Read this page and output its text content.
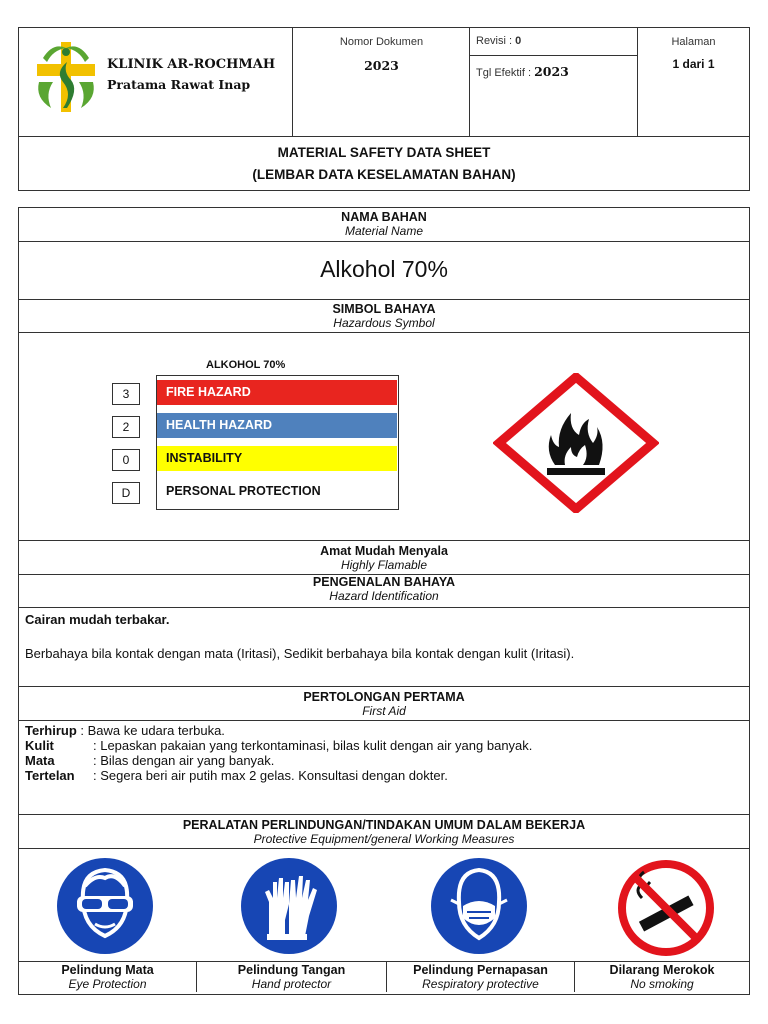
KLINIK AR-ROCHMAH
Pratama Rawat Inap
Nomor Dokumen
2023
Revisi : 0
Tgl Efektif : 2023
Halaman
1 dari 1
MATERIAL SAFETY DATA SHEET
(LEMBAR DATA KESELAMATAN BAHAN)
NAMA BAHAN
Material Name
Alkohol 70%
SIMBOL BAHAYA
Hazardous Symbol
ALKOHOL 70%
3
2
0
D
FIRE HAZARD
HEALTH HAZARD
INSTABILITY
PERSONAL PROTECTION
Amat Mudah Menyala
Highly Flamable
PENGENALAN BAHAYA
Hazard Identification
Cairan mudah terbakar.
Berbahaya bila kontak dengan mata (Iritasi), Sedikit berbahaya bila kontak dengan kulit (Iritasi).
PERTOLONGAN PERTAMA
First Aid
Terhirup : Bawa ke udara terbuka.
Kulit	: Lepaskan pakaian yang terkontaminasi, bilas kulit dengan air yang banyak.
Mata	: Bilas dengan air yang banyak.
Tertelan : Segera beri air putih max 2 gelas. Konsultasi dengan dokter.
PERALATAN PERLINDUNGAN/TINDAKAN UMUM DALAM BEKERJA
Protective Equipment/general Working Measures
Pelindung Mata
Eye Protection
Pelindung Tangan
Hand protector
Pelindung Pernapasan
Respiratory protective
Dilarang Merokok
No smoking
